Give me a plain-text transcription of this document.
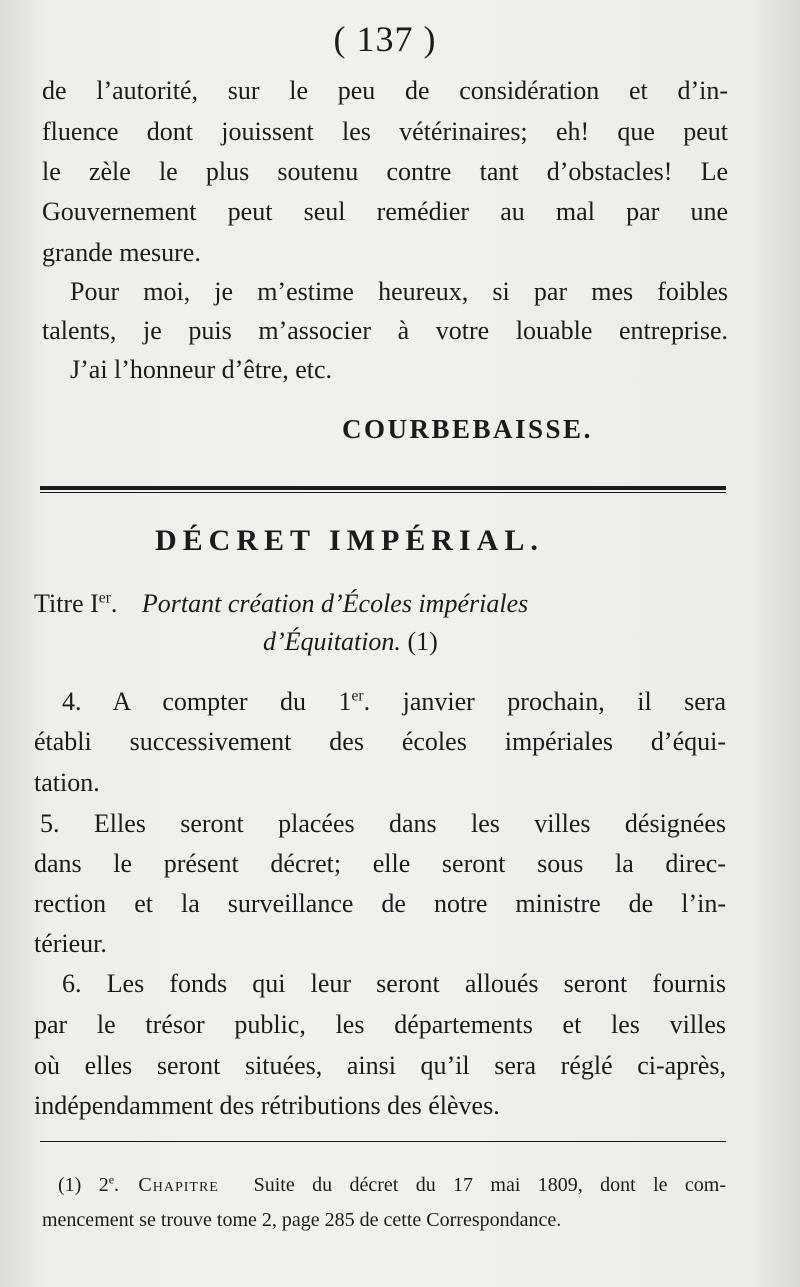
( 137 )
de l’autorité, sur le peu de considération et d’in-
fluence dont jouissent les vétérinaires; eh! que peut
le zèle le plus soutenu contre tant d’obstacles! Le
Gouvernement peut seul remédier au mal par une
grande mesure.
Pour moi, je m’estime heureux, si par mes foibles
talents, je puis m’associer à votre louable entreprise.
J’ai l’honneur d’être, etc.
COURBEBAISSE.
DÉCRET IMPÉRIAL.
Titre Ier. Portant création d’Écoles impériales
d’Équitation. (1)
4. A compter du 1er. janvier prochain, il sera
établi successivement des écoles impériales d’équi-
tation.
5. Elles seront placées dans les villes désignées
dans le présent décret; elle seront sous la direc-
rection et la surveillance de notre ministre de l’in-
térieur.
6. Les fonds qui leur seront alloués seront fournis
par le trésor public, les départements et les villes
où elles seront situées, ainsi qu’il sera réglé ci-après,
indépendamment des rétributions des élèves.
(1) 2e. Chapitre Suite du décret du 17 mai 1809, dont le com-
mencement se trouve tome 2, page 285 de cette Correspondance.
